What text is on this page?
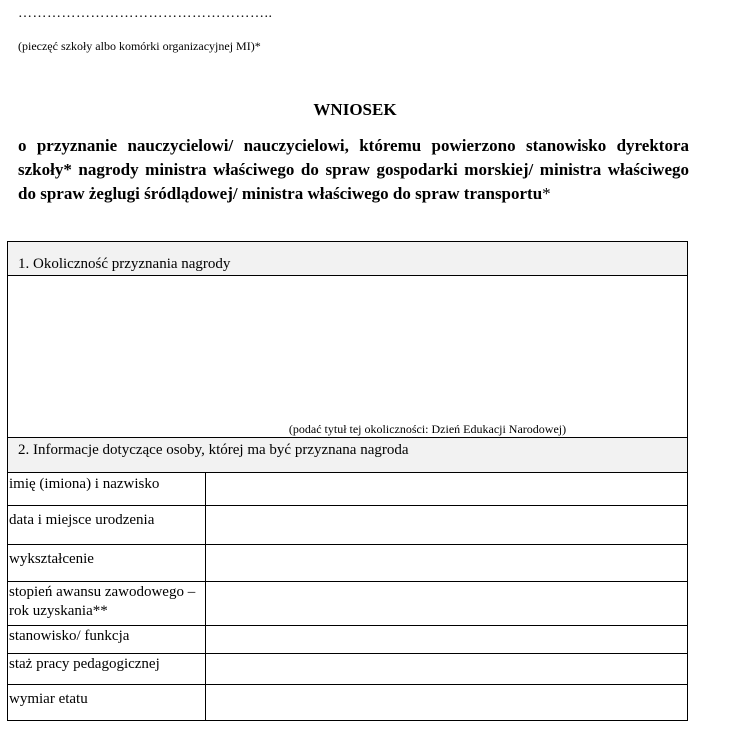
……………………………………………..
(pieczęć szkoły albo komórki organizacyjnej MI)*
WNIOSEK
o przyznanie nauczycielowi/ nauczycielowi, któremu powierzono stanowisko dyrektora szkoły* nagrody ministra właściwego do spraw gospodarki morskiej/ ministra właściwego do spraw żeglugi śródlądowej/ ministra właściwego do spraw transportu*
1. Okoliczność przyznania nagrody
(podać tytuł tej okoliczności: Dzień Edukacji Narodowej)
2. Informacje dotyczące osoby, której ma być przyznana nagroda
imię (imiona) i nazwisko
data i miejsce urodzenia
wykształcenie
stopień awansu zawodowego – rok uzyskania**
stanowisko/ funkcja
staż pracy pedagogicznej
wymiar etatu
